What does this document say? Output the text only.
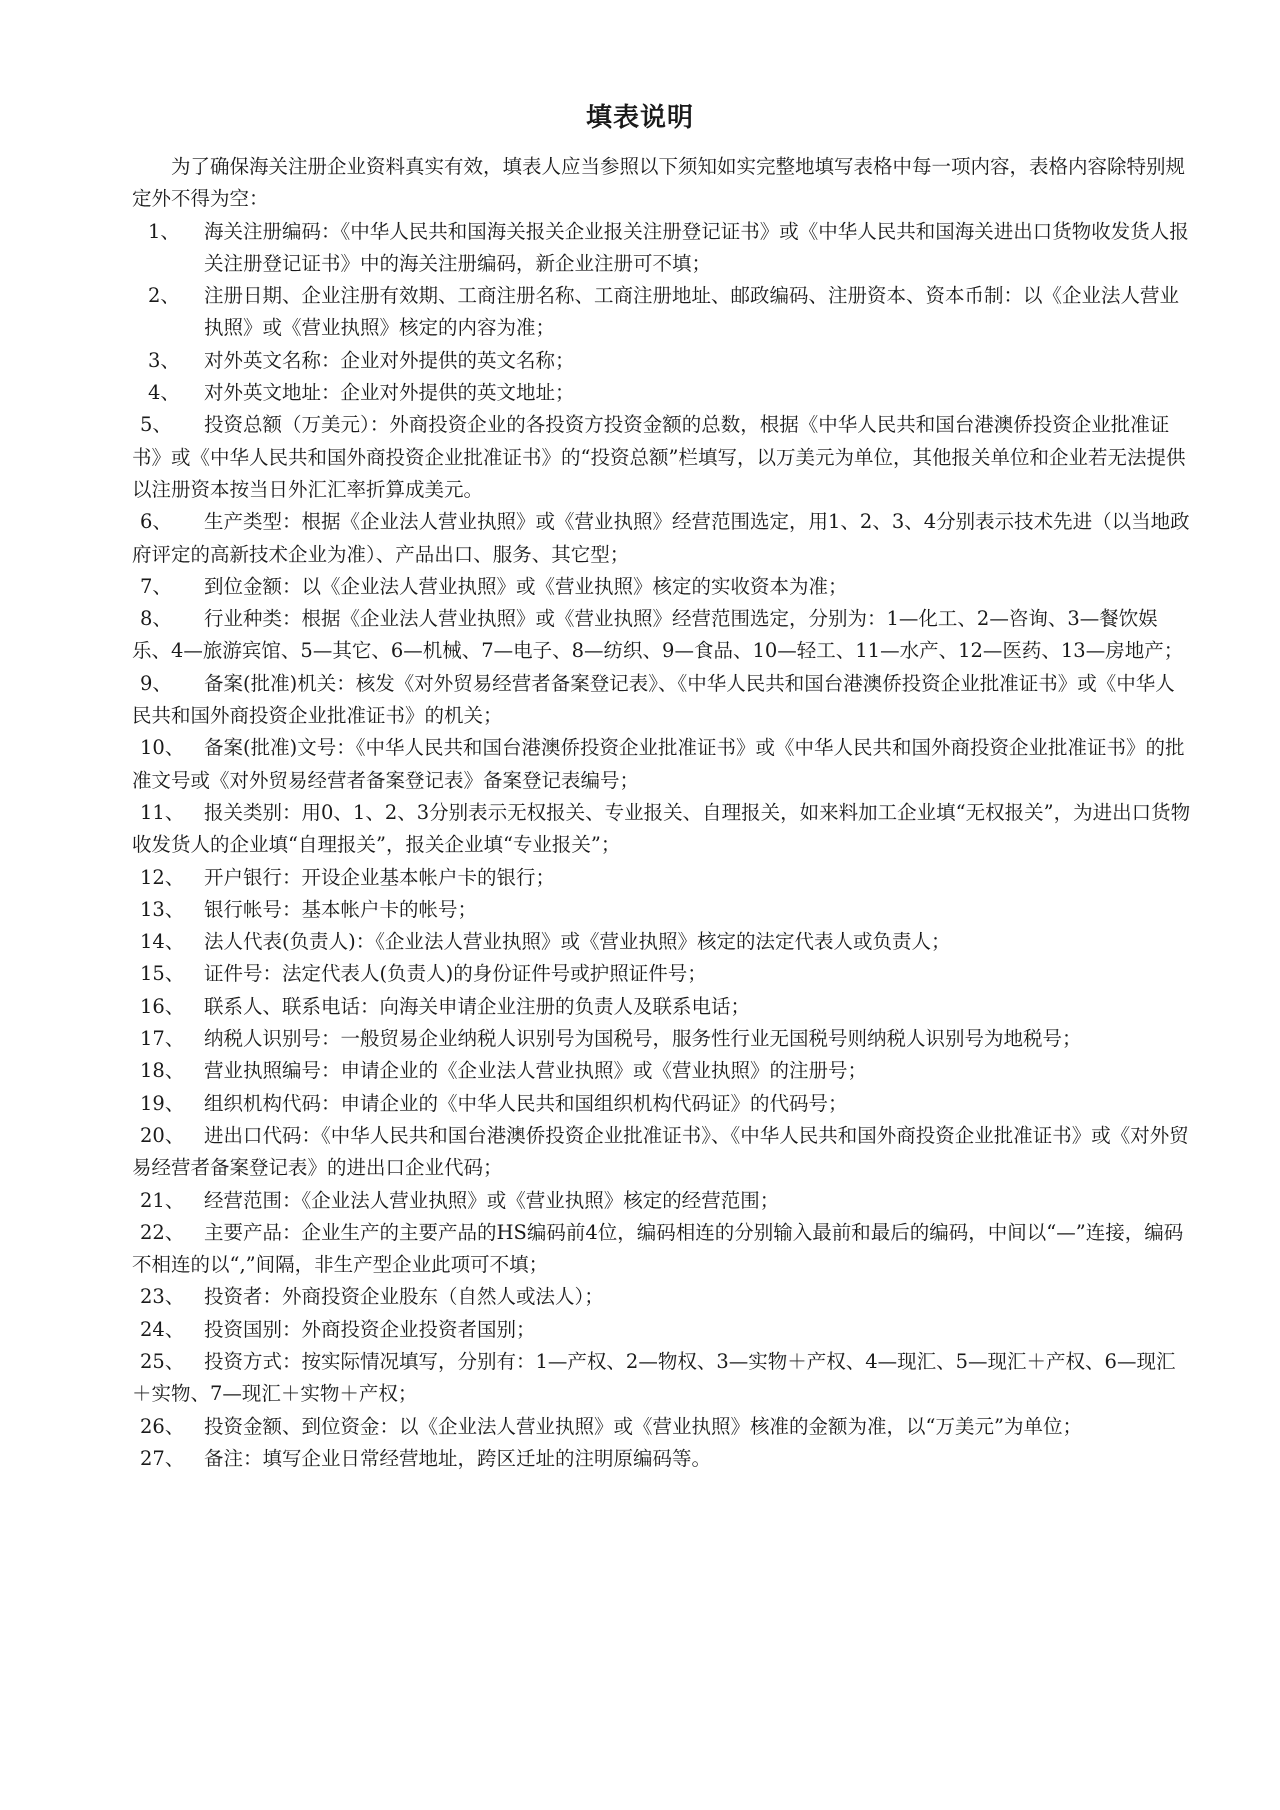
填表说明

为了确保海关注册企业资料真实有效，填表人应当参照以下须知如实完整地填写表格中每一项内容，表格内容除特别规定外不得为空：

1、 海关注册编码：《中华人民共和国海关报关企业报关注册登记证书》或《中华人民共和国海关进出口货物收发货人报关注册登记证书》中的海关注册编码，新企业注册可不填；
2、 注册日期、企业注册有效期、工商注册名称、工商注册地址、邮政编码、注册资本、资本币制：以《企业法人营业执照》或《营业执照》核定的内容为准；
3、 对外英文名称：企业对外提供的英文名称；
4、 对外英文地址：企业对外提供的英文地址；
5、 投资总额（万美元）：外商投资企业的各投资方投资金额的总数，根据《中华人民共和国台港澳侨投资企业批准证书》或《中华人民共和国外商投资企业批准证书》的“投资总额”栏填写，以万美元为单位，其他报关单位和企业若无法提供以注册资本按当日外汇汇率折算成美元。
6、 生产类型：根据《企业法人营业执照》或《营业执照》经营范围选定，用1、2、3、4分别表示技术先进（以当地政府评定的高新技术企业为准）、产品出口、服务、其它型；
7、 到位金额：以《企业法人营业执照》或《营业执照》核定的实收资本为准；
8、 行业种类：根据《企业法人营业执照》或《营业执照》经营范围选定，分别为：1—化工、2—咨询、3—餐饮娱乐、4—旅游宾馆、5—其它、6—机械、7—电子、8—纺织、9—食品、10—轻工、11—水产、12—医药、13—房地产；
9、 备案(批准)机关：核发《对外贸易经营者备案登记表》、《中华人民共和国台港澳侨投资企业批准证书》或《中华人民共和国外商投资企业批准证书》的机关；
10、 备案(批准)文号：《中华人民共和国台港澳侨投资企业批准证书》或《中华人民共和国外商投资企业批准证书》的批准文号或《对外贸易经营者备案登记表》备案登记表编号；
11、 报关类别：用0、1、2、3分别表示无权报关、专业报关、自理报关，如来料加工企业填“无权报关”，为进出口货物收发货人的企业填“自理报关”，报关企业填“专业报关”；
12、 开户银行：开设企业基本帐户卡的银行；
13、 银行帐号：基本帐户卡的帐号；
14、 法人代表(负责人)：《企业法人营业执照》或《营业执照》核定的法定代表人或负责人；
15、 证件号：法定代表人(负责人)的身份证件号或护照证件号；
16、 联系人、联系电话：向海关申请企业注册的负责人及联系电话；
17、 纳税人识别号：一般贸易企业纳税人识别号为国税号，服务性行业无国税号则纳税人识别号为地税号；
18、 营业执照编号：申请企业的《企业法人营业执照》或《营业执照》的注册号；
19、 组织机构代码：申请企业的《中华人民共和国组织机构代码证》的代码号；
20、 进出口代码：《中华人民共和国台港澳侨投资企业批准证书》、《中华人民共和国外商投资企业批准证书》或《对外贸易经营者备案登记表》的进出口企业代码；
21、 经营范围：《企业法人营业执照》或《营业执照》核定的经营范围；
22、 主要产品：企业生产的主要产品的HS编码前4位，编码相连的分别输入最前和最后的编码，中间以“—”连接，编码不相连的以“,”间隔，非生产型企业此项可不填；
23、 投资者：外商投资企业股东（自然人或法人）；
24、 投资国别：外商投资企业投资者国别；
25、 投资方式：按实际情况填写，分别有：1—产权、2—物权、3—实物＋产权、4—现汇、5—现汇＋产权、6—现汇＋实物、7—现汇＋实物＋产权；
26、 投资金额、到位资金：以《企业法人营业执照》或《营业执照》核准的金额为准，以“万美元”为单位；
27、 备注：填写企业日常经营地址，跨区迁址的注明原编码等。
